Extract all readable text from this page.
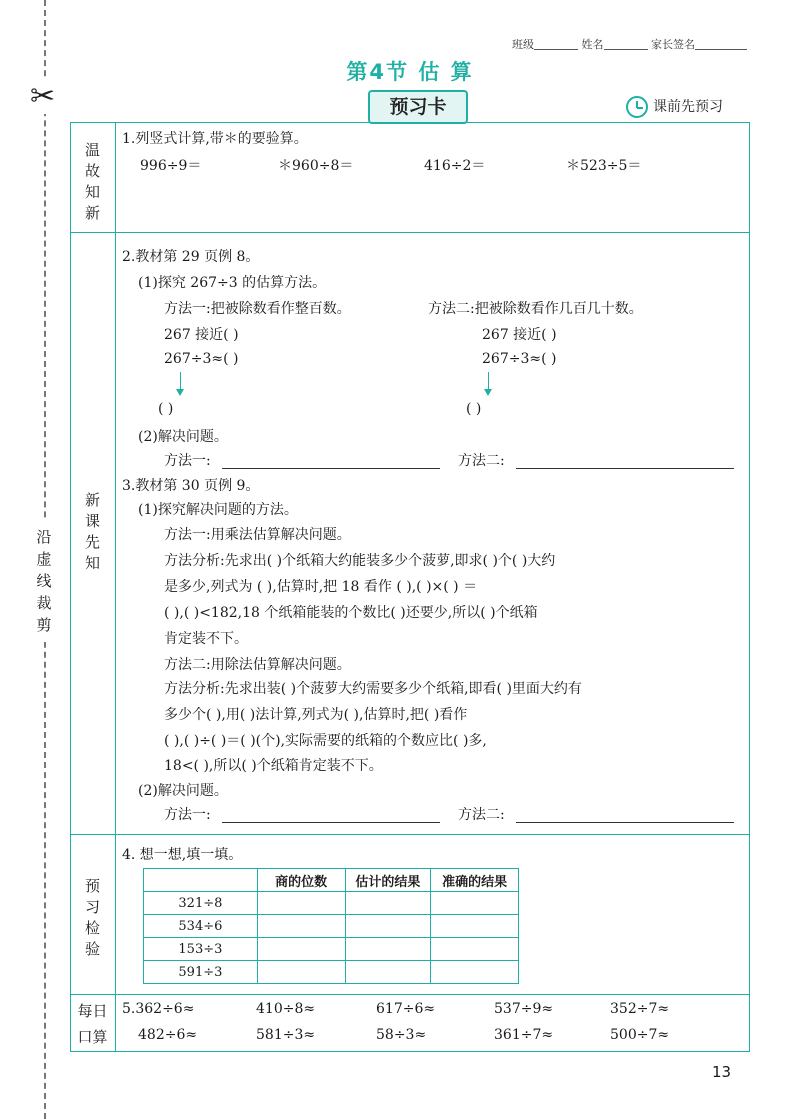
✂
沿虚线裁剪
班级	姓名	家长签名
第4节 估 算
预习卡	课前先预习
温故知新
新课先知
预习检验
每日口算
1.列竖式计算,带＊的要验算。
996÷9＝	＊960÷8＝	416÷2＝	＊523÷5＝
2.教材第 29 页例 8。
(1)探究 267÷3 的估算方法。
方法一:把被除数看作整百数。	方法二:把被除数看作几百几十数。
267 接近( )	267 接近( )
267÷3≈( )	267÷3≈( )
( )	( )
(2)解决问题。
方法一:	方法二:
3.教材第 30 页例 9。
(1)探究解决问题的方法。
方法一:用乘法估算解决问题。
方法分析:先求出( )个纸箱大约能装多少个菠萝,即求( )个( )大约
是多少,列式为 ( ),估算时,把 18 看作 ( ),( )×( ) ＝
( ),( )<182,18 个纸箱能装的个数比( )还要少,所以( )个纸箱
肯定装不下。
方法二:用除法估算解决问题。
方法分析:先求出装( )个菠萝大约需要多少个纸箱,即看( )里面大约有
多少个( ),用( )法计算,列式为( ),估算时,把( )看作
( ),( )÷( )＝( )(个),实际需要的纸箱的个数应比( )多,
18<( ),所以( )个纸箱肯定装不下。
(2)解决问题。
方法一:	方法二:
4. 想一想,填一填。
	商的位数	估计的结果	准确的结果
321÷8			
534÷6			
153÷3			
591÷3			
5.362÷6≈	410÷8≈	617÷6≈	537÷9≈	352÷7≈
482÷6≈	581÷3≈	58÷3≈	361÷7≈	500÷7≈
13
